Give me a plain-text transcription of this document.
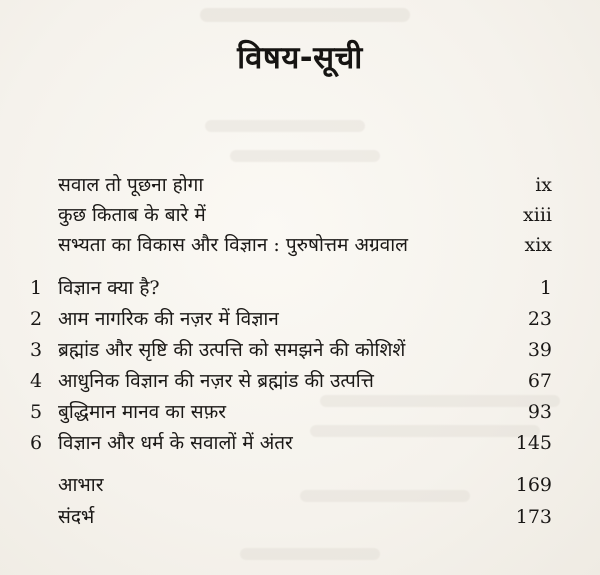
विषय-सूची
सवाल तो पूछना होगा	ix
कुछ किताब के बारे में	xiii
सभ्यता का विकास और विज्ञान : पुरुषोत्तम अग्रवाल	xix
1 विज्ञान क्या है?	1
2 आम नागरिक की नज़र में विज्ञान	23
3 ब्रह्मांड और सृष्टि की उत्पत्ति को समझने की कोशिशें	39
4 आधुनिक विज्ञान की नज़र से ब्रह्मांड की उत्पत्ति	67
5 बुद्धिमान मानव का सफ़र	93
6 विज्ञान और धर्म के सवालों में अंतर	145
आभार	169
संदर्भ	173
